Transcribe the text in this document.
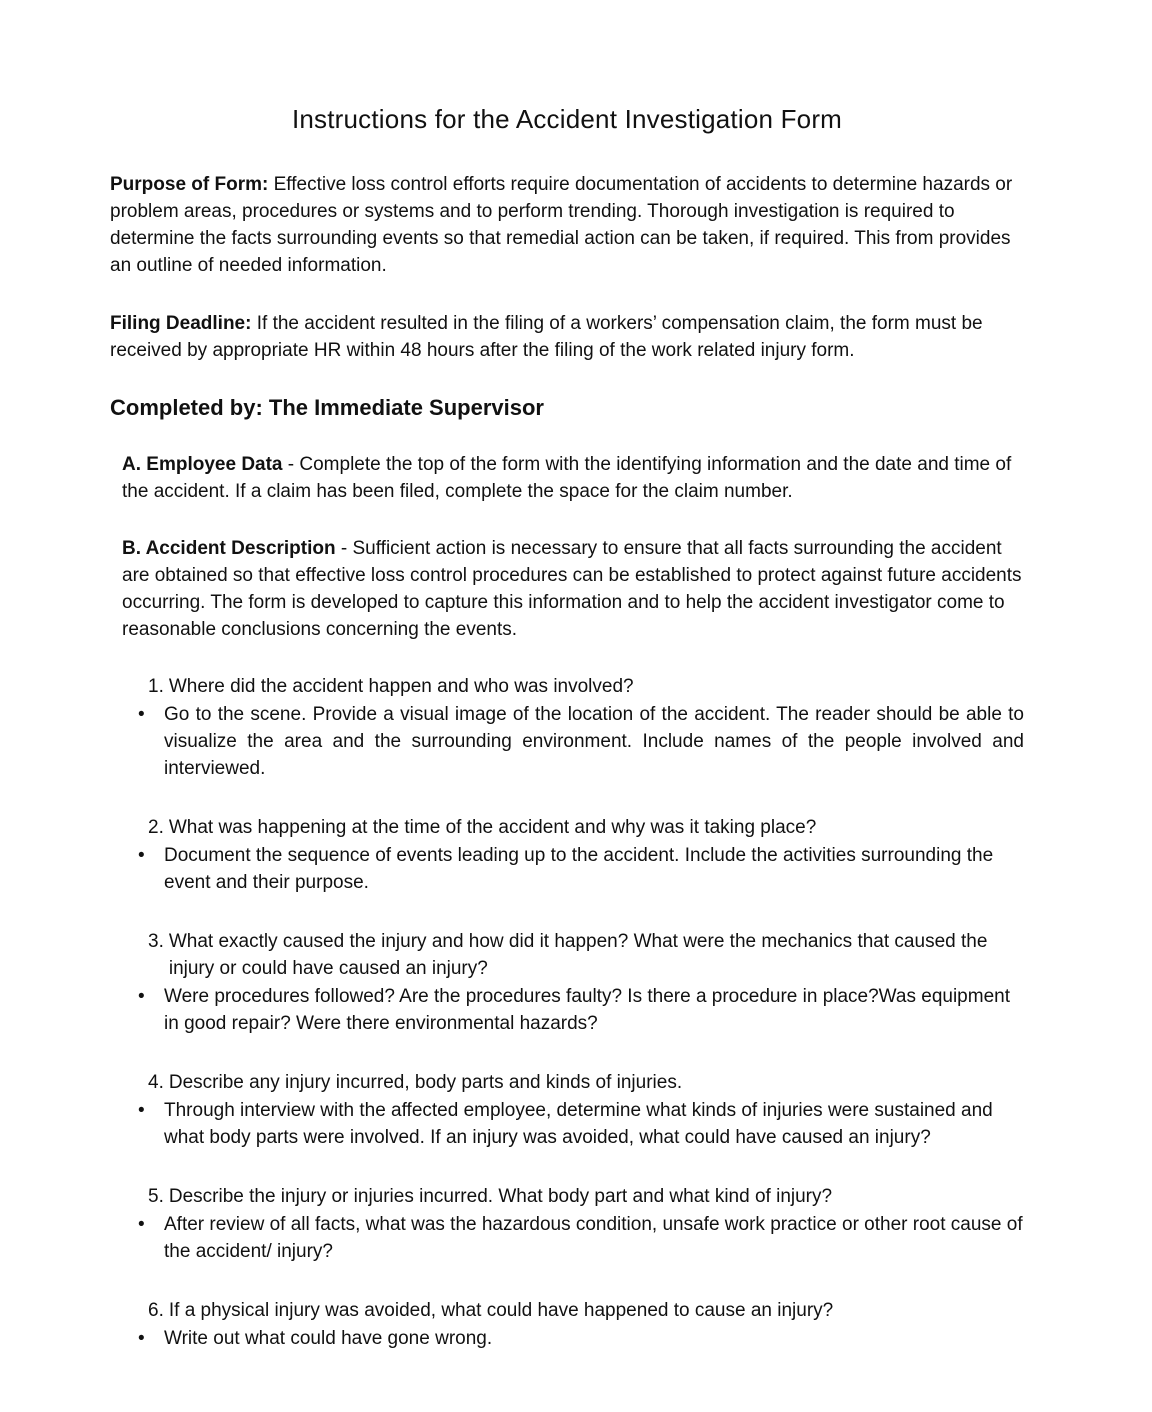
Instructions for the Accident Investigation Form

Purpose of Form: Effective loss control efforts require documentation of accidents to determine hazards or problem areas, procedures or systems and to perform trending. Thorough investigation is required to determine the facts surrounding events so that remedial action can be taken, if required. This from provides an outline of needed information.

Filing Deadline: If the accident resulted in the filing of a workers’ compensation claim, the form must be received by appropriate HR within 48 hours after the filing of the work related injury form.

Completed by: The Immediate Supervisor

A. Employee Data - Complete the top of the form with the identifying information and the date and time of the accident. If a claim has been filed, complete the space for the claim number.

B. Accident Description - Sufficient action is necessary to ensure that all facts surrounding the accident are obtained so that effective loss control procedures can be established to protect against future accidents occurring. The form is developed to capture this information and to help the accident investigator come to reasonable conclusions concerning the events.

1. Where did the accident happen and who was involved?
•	Go to the scene. Provide a visual image of the location of the accident. The reader should be able to visualize the area and the surrounding environment. Include names of the people involved and interviewed.
2. What was happening at the time of the accident and why was it taking place?
•	Document the sequence of events leading up to the accident. Include the activities surrounding the event and their purpose.
3. What exactly caused the injury and how did it happen? What were the mechanics that caused the injury or could have caused an injury?
•	Were procedures followed? Are the procedures faulty? Is there a procedure in place?Was equipment in good repair? Were there environmental hazards?
4. Describe any injury incurred, body parts and kinds of injuries.
•	Through interview with the affected employee, determine what kinds of injuries were sustained and what body parts were involved. If an injury was avoided, what could have caused an injury?
5. Describe the injury or injuries incurred. What body part and what kind of injury?
•	After review of all facts, what was the hazardous condition, unsafe work practice or other root cause of the accident/ injury?
6. If a physical injury was avoided, what could have happened to cause an injury?
•	Write out what could have gone wrong.
